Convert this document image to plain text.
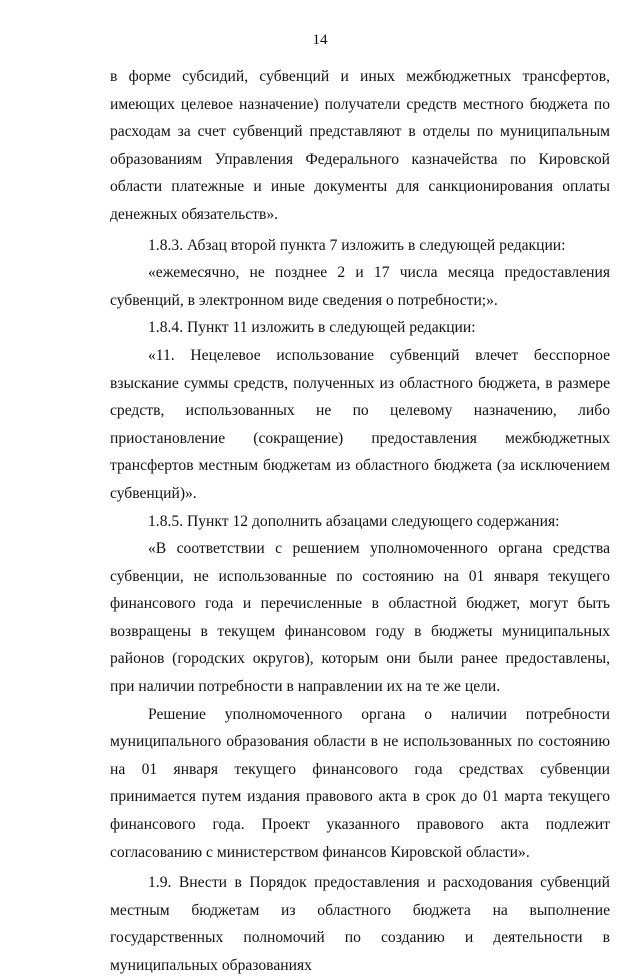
14

в форме субсидий, субвенций и иных межбюджетных трансфертов, имеющих целевое назначение) получатели средств местного бюджета по расходам за счет субвенций представляют в отделы по муниципальным образованиям Управления Федерального казначейства по Кировской области платежные и иные документы для санкционирования оплаты денежных обязательств».

1.8.3. Абзац второй пункта 7 изложить в следующей редакции:

«ежемесячно, не позднее 2 и 17 числа месяца предоставления субвенций, в электронном виде сведения о потребности;».

1.8.4. Пункт 11 изложить в следующей редакции:

«11. Нецелевое использование субвенций влечет бесспорное взыскание суммы средств, полученных из областного бюджета, в размере средств, использованных не по целевому назначению, либо приостановление (сокращение) предоставления межбюджетных трансфертов местным бюджетам из областного бюджета (за исключением субвенций)».

1.8.5. Пункт 12 дополнить абзацами следующего содержания:

«В соответствии с решением уполномоченного органа средства субвенции, не использованные по состоянию на 01 января текущего финансового года и перечисленные в областной бюджет, могут быть возвращены в текущем финансовом году в бюджеты муниципальных районов (городских округов), которым они были ранее предоставлены, при наличии потребности в направлении их на те же цели.

Решение уполномоченного органа о наличии потребности муниципального образования области в не использованных по состоянию на 01 января текущего финансового года средствах субвенции принимается путем издания правового акта в срок до 01 марта текущего финансового года. Проект указанного правового акта подлежит согласованию с министерством финансов Кировской области».

1.9. Внести в Порядок предоставления и расходования субвенций местным бюджетам из областного бюджета на выполнение государственных полномочий по созданию и деятельности в муниципальных образованиях
